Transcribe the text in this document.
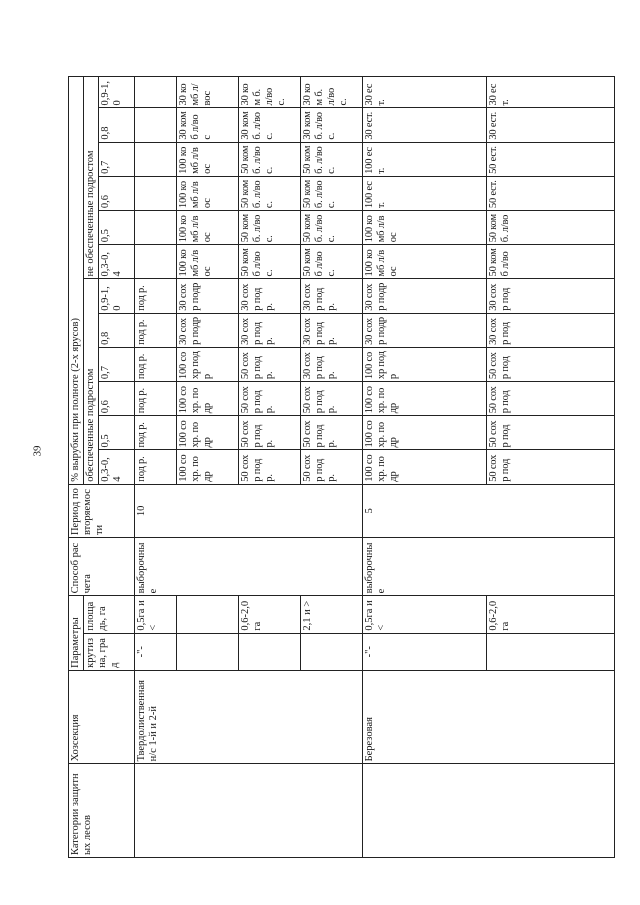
39
Категории защитных лесов	Хозсекция	Параметры		Способ расчета	Период повторяемости	% вырубки при полноте (2-х ярусов)											
		крутизна, град	площадь, га			обеспеченные подростом						не обеспеченные подростом					
						0,3-0,4	0,5	0,6	0,7	0,8	0,9-1,0	0,3-0,4	0,5	0,6	0,7	0,8	0,9-1,0
	Твердолиственная н/с 1-й и 2-й	-"-	0,5га и<	выборочные	10	под р.	под р.	под р.	под р.	под р.	под р.						
						100 сохр. подр	100 сохр. подр	100 сохр. подр	100 сохр подр	30 сохр подр	30 сохр подр	100 комб л/вос	100 комб л/вос	100 комб л/вос	100 комб л/вос	30 комб л/вос	30 комб л/вос
			0,6-2,0га			50 сохр под р.	50 сохр под р.	50 сохр под р.	50 сохр под р.	30 сохр под р.	30 сохр под р.	50 комб л/во с.	50 ком б. л/во с.	50 ком б. л/во с.	50 ком б. л/во с.	30 ком б. л/во с.	30 ком б. л/во с.
			2,1 и >			50 сохр под р.	50 сохр под р.	50 сохр под р.	30 сохр под р.	30 сохр под р.	30 сохр под р.	50 комб л/во с.	50 ком б. л/во с.	50 ком б. л/во с.	50 ком б. л/во с.	30 ком б. л/во с.	30 ком б. л/во с.
	Березовая	-"-	0,5га и<	выборочные	5	100 сохр. подр	100 сохр. подр	100 сохр. подр	100 сохр подр	30 сохр подр	30 сохр подр	100 комб л/вос	100 комб л/вос	100 ест.	100 ест.	30 ест.	30 ест.
			0,6-2,0га			50 сохр под	50 сохр под	50 сохр под	50 сохр под	30 сохр под	30 сохр под	50 комб л/во	50 ком б. л/во	50 ест.	50 ест.	30 ест.	30 ест.
